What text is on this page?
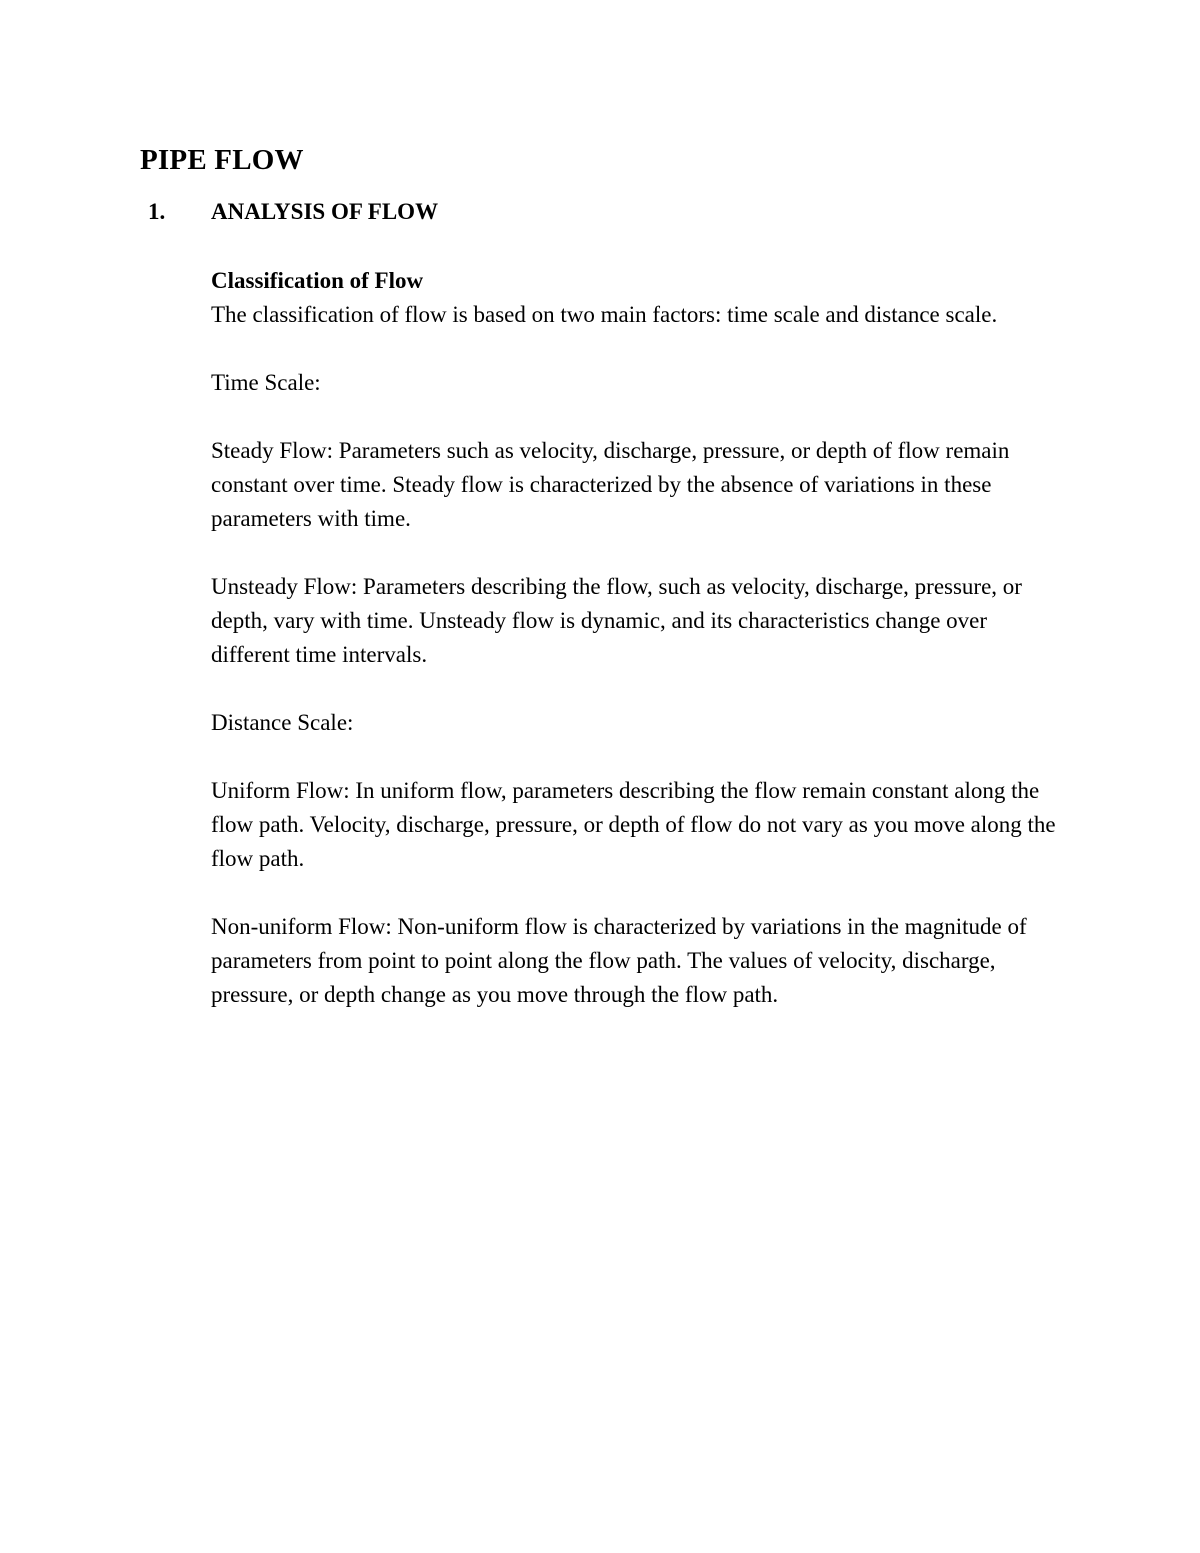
PIPE FLOW
1. ANALYSIS OF FLOW

Classification of Flow

The classification of flow is based on two main factors: time scale and distance scale.

Time Scale:

Steady Flow: Parameters such as velocity, discharge, pressure, or depth of flow remain constant over time. Steady flow is characterized by the absence of variations in these parameters with time.

Unsteady Flow: Parameters describing the flow, such as velocity, discharge, pressure, or depth, vary with time. Unsteady flow is dynamic, and its characteristics change over different time intervals.

Distance Scale:

Uniform Flow: In uniform flow, parameters describing the flow remain constant along the flow path. Velocity, discharge, pressure, or depth of flow do not vary as you move along the flow path.

Non-uniform Flow: Non-uniform flow is characterized by variations in the magnitude of parameters from point to point along the flow path. The values of velocity, discharge, pressure, or depth change as you move through the flow path.
